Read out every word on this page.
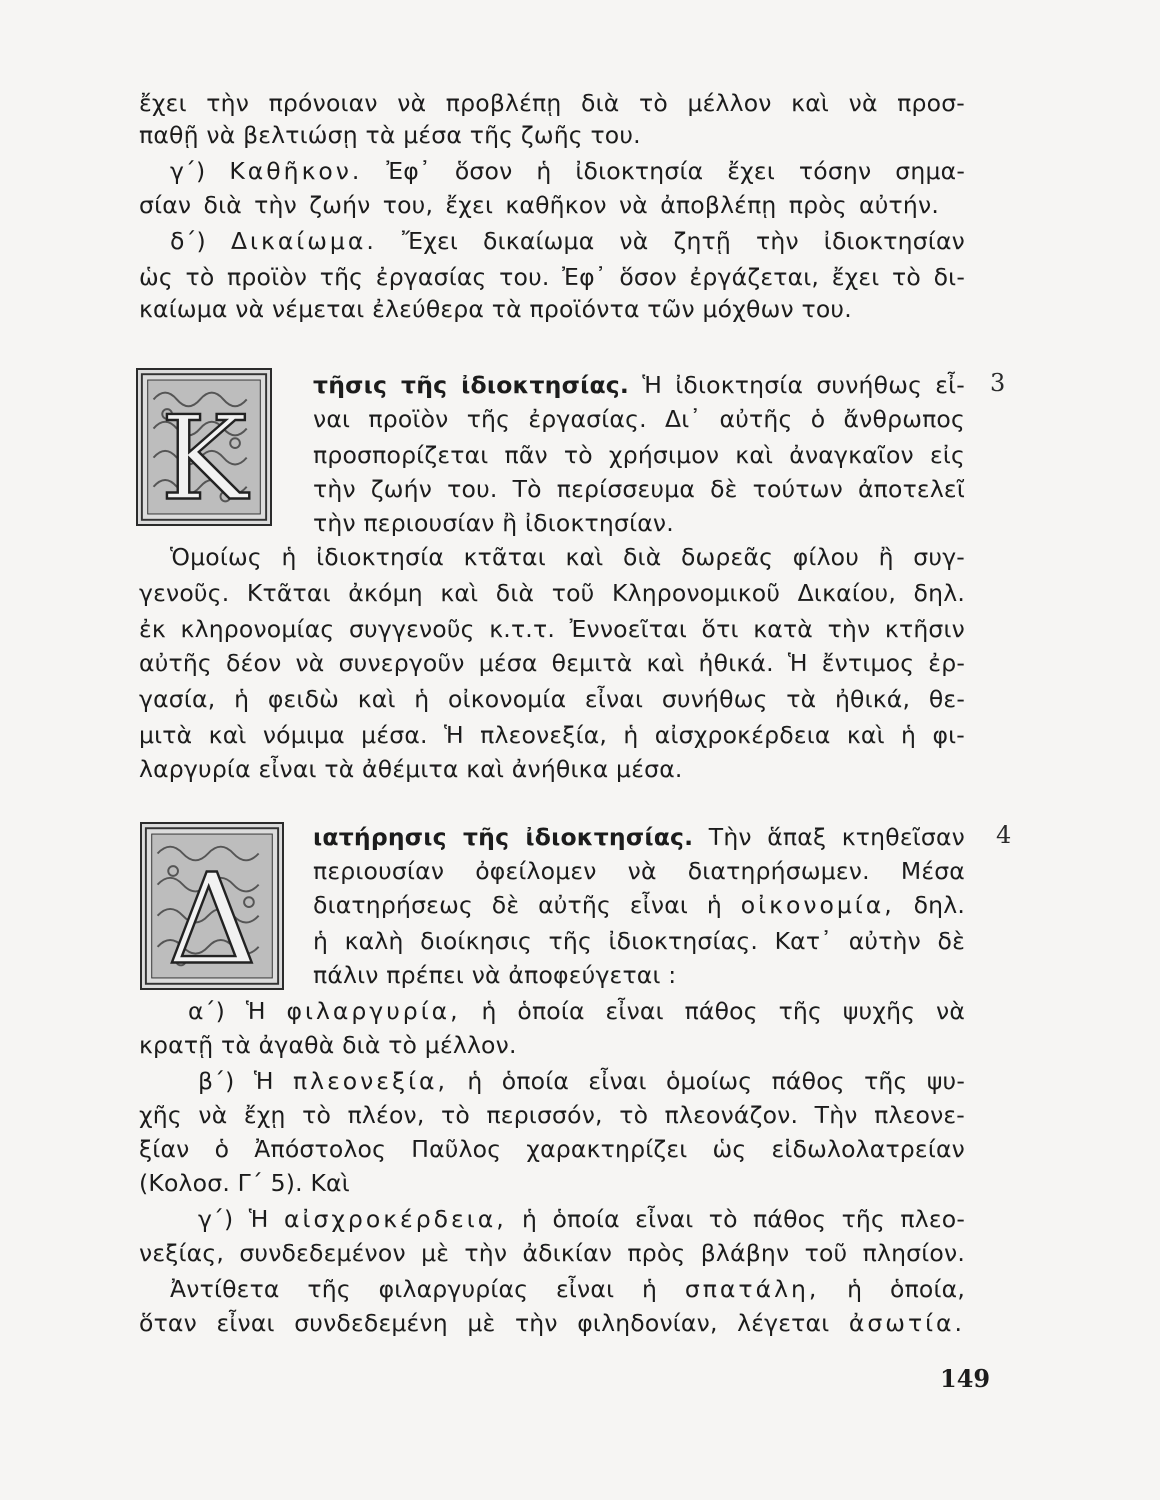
ἔχει τὴν πρόνοιαν νὰ προβλέπῃ διὰ τὸ μέλλον καὶ νὰ προσ-
παθῇ νὰ βελτιώσῃ τὰ μέσα τῆς ζωῆς του.
γ΄) Καθῆκον. Ἐφ᾿ ὅσον ἡ ἰδιοκτησία ἔχει τόσην σημα-
σίαν διὰ τὴν ζωήν του, ἔχει καθῆκον νὰ ἀποβλέπῃ πρὸς αὐτήν.
δ΄) Δικαίωμα. Ἔχει δικαίωμα νὰ ζητῇ τὴν ἰδιοκτησίαν
ὡς τὸ προϊὸν τῆς ἐργασίας του. Ἐφ᾿ ὅσον ἐργάζεται, ἔχει τὸ δι-
καίωμα νὰ νέμεται ἐλεύθερα τὰ προϊόντα τῶν μόχθων του.
Κ
τῆσις τῆς ἰδιοκτησίας. Ἡ ἰδιοκτησία συνήθως εἶ- 3
ναι προϊὸν τῆς ἐργασίας. Δι᾿ αὐτῆς ὁ ἄνθρωπος
προσπορίζεται πᾶν τὸ χρήσιμον καὶ ἀναγκαῖον εἰς
τὴν ζωήν του. Τὸ περίσσευμα δὲ τούτων ἀποτελεῖ
τὴν περιουσίαν ἢ ἰδιοκτησίαν.
Ὁμοίως ἡ ἰδιοκτησία κτᾶται καὶ διὰ δωρεᾶς φίλου ἢ συγ-
γενοῦς. Κτᾶται ἀκόμη καὶ διὰ τοῦ Κληρονομικοῦ Δικαίου, δηλ.
ἐκ κληρονομίας συγγενοῦς κ.τ.τ. Ἐννοεῖται ὅτι κατὰ τὴν κτῆσιν
αὐτῆς δέον νὰ συνεργοῦν μέσα θεμιτὰ καὶ ἠθικά. Ἡ ἔντιμος ἐρ-
γασία, ἡ φειδὼ καὶ ἡ οἰκονομία εἶναι συνήθως τὰ ἠθικά, θε-
μιτὰ καὶ νόμιμα μέσα. Ἡ πλεονεξία, ἡ αἰσχροκέρδεια καὶ ἡ φι-
λαργυρία εἶναι τὰ ἀθέμιτα καὶ ἀνήθικα μέσα.
Δ
ιατήρησις τῆς ἰδιοκτησίας. Τὴν ἅπαξ κτηθεῖσαν 4
περιουσίαν ὀφείλομεν νὰ διατηρήσωμεν. Μέσα
διατηρήσεως δὲ αὐτῆς εἶναι ἡ οἰκονομία, δηλ.
ἡ καλὴ διοίκησις τῆς ἰδιοκτησίας. Κατ᾿ αὐτὴν δὲ
πάλιν πρέπει νὰ ἀποφεύγεται :
α΄) Ἡ φιλαργυρία, ἡ ὁποία εἶναι πάθος τῆς ψυχῆς νὰ
κρατῇ τὰ ἀγαθὰ διὰ τὸ μέλλον.
β΄) Ἡ πλεονεξία, ἡ ὁποία εἶναι ὁμοίως πάθος τῆς ψυ-
χῆς νὰ ἔχῃ τὸ πλέον, τὸ περισσόν, τὸ πλεονάζον. Τὴν πλεονε-
ξίαν ὁ Ἀπόστολος Παῦλος χαρακτηρίζει ὡς εἰδωλολατρείαν
(Κολοσ. Γ΄ 5). Καὶ
γ΄) Ἡ αἰσχροκέρδεια, ἡ ὁποία εἶναι τὸ πάθος τῆς πλεο-
νεξίας, συνδεδεμένον μὲ τὴν ἀδικίαν πρὸς βλάβην τοῦ πλησίον.
Ἀντίθετα τῆς φιλαργυρίας εἶναι ἡ σπατάλη, ἡ ὁποία,
ὅταν εἶναι συνδεδεμένη μὲ τὴν φιληδονίαν, λέγεται ἀσωτία.
149
